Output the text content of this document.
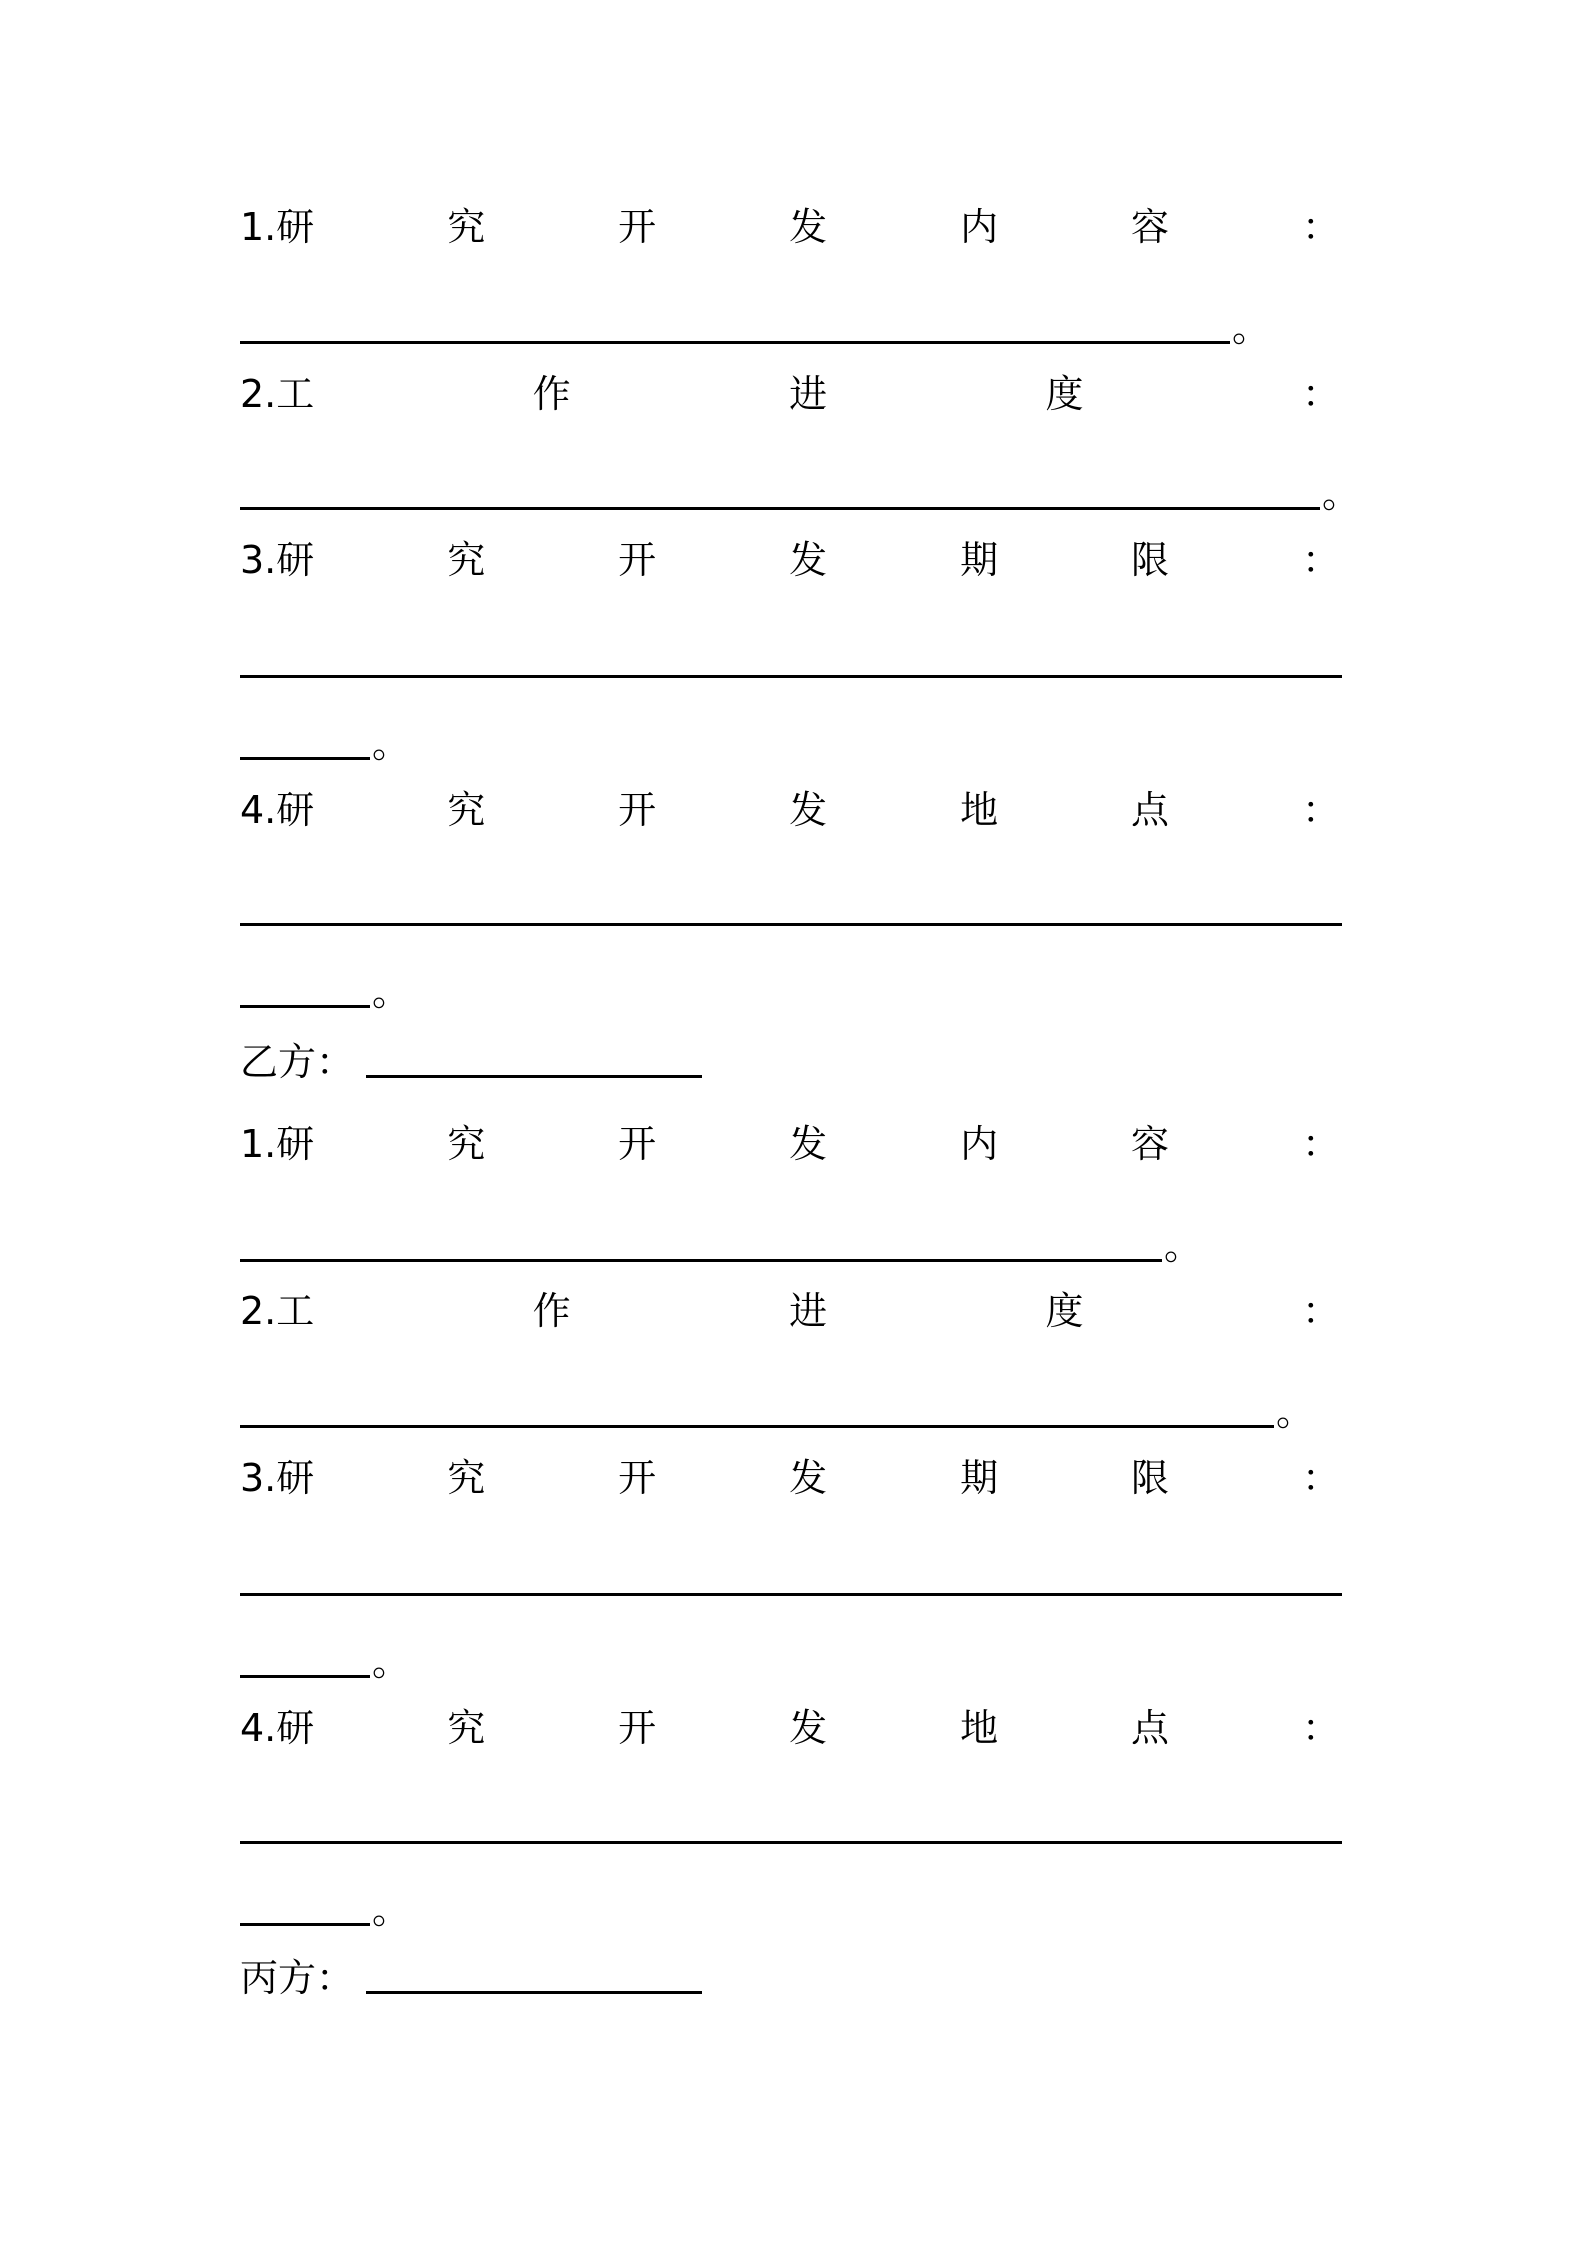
1.研	究	开	发	内	容	：
。
2.工	作	进	度	：
。
3.研	究	开	发	期	限	：
。
4.研	究	开	发	地	点	：
。
乙方：
1.研	究	开	发	内	容	：
。
2.工	作	进	度	：
。
3.研	究	开	发	期	限	：
。
4.研	究	开	发	地	点	：
。
丙方：
